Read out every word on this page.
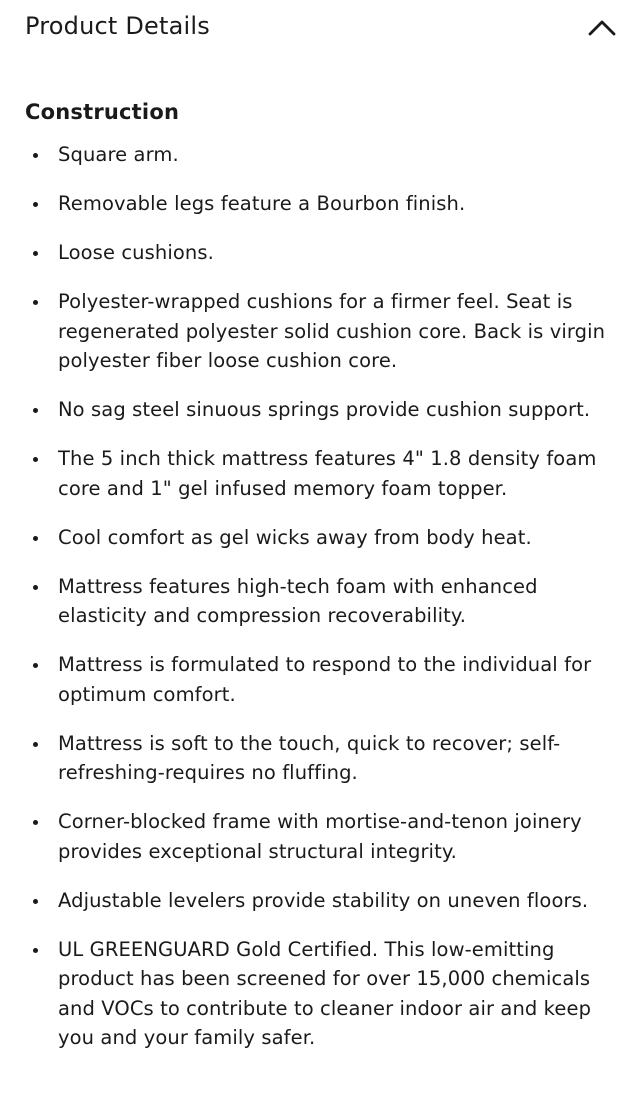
Product Details
Construction
Square arm.
Removable legs feature a Bourbon finish.
Loose cushions.
Polyester-wrapped cushions for a firmer feel. Seat is regenerated polyester solid cushion core. Back is virgin polyester fiber loose cushion core.
No sag steel sinuous springs provide cushion support.
The 5 inch thick mattress features 4" 1.8 density foam core and 1" gel infused memory foam topper.
Cool comfort as gel wicks away from body heat.
Mattress features high-tech foam with enhanced elasticity and compression recoverability.
Mattress is formulated to respond to the individual for optimum comfort.
Mattress is soft to the touch, quick to recover; self-refreshing-requires no fluffing.
Corner-blocked frame with mortise-and-tenon joinery provides exceptional structural integrity.
Adjustable levelers provide stability on uneven floors.
UL GREENGUARD Gold Certified. This low-emitting product has been screened for over 15,000 chemicals and VOCs to contribute to cleaner indoor air and keep you and your family safer.
